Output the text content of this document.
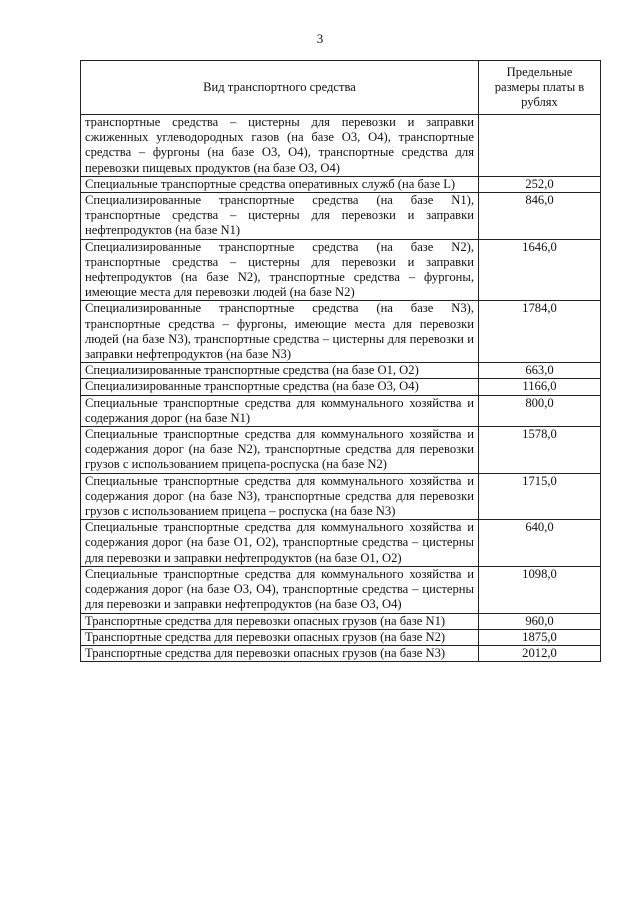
3
Вид транспортного средства	Предельные размеры платы в рублях
транспортные средства – цистерны для перевозки и заправки сжиженных углеводородных газов (на базе O3, O4), транспортные средства – фургоны (на базе O3, O4), транспортные средства для перевозки пищевых продуктов (на базе O3, O4)	
Специальные транспортные средства оперативных служб (на базе L)	252,0
Специализированные транспортные средства (на базе N1), транспортные средства – цистерны для перевозки и заправки нефтепродуктов (на базе N1)	846,0
Специализированные транспортные средства (на базе N2), транспортные средства – цистерны для перевозки и заправки нефтепродуктов (на базе N2), транспортные средства – фургоны, имеющие места для перевозки людей (на базе N2)	1646,0
Специализированные транспортные средства (на базе N3), транспортные средства – фургоны, имеющие места для перевозки людей (на базе N3), транспортные средства – цистерны для перевозки и заправки нефтепродуктов (на базе N3)	1784,0
Специализированные транспортные средства (на базе O1, O2)	663,0
Специализированные транспортные средства (на базе O3, O4)	1166,0
Специальные транспортные средства для коммунального хозяйства и содержания дорог (на базе N1)	800,0
Специальные транспортные средства для коммунального хозяйства и содержания дорог (на базе N2), транспортные средства для перевозки грузов с использованием прицепа-роспуска (на базе N2)	1578,0
Специальные транспортные средства для коммунального хозяйства и содержания дорог (на базе N3), транспортные средства для перевозки грузов с использованием прицепа – роспуска (на базе N3)	1715,0
Специальные транспортные средства для коммунального хозяйства и содержания дорог (на базе O1, O2), транспортные средства – цистерны для перевозки и заправки нефтепродуктов (на базе O1, O2)	640,0
Специальные транспортные средства для коммунального хозяйства и содержания дорог (на базе O3, O4), транспортные средства – цистерны для перевозки и заправки нефтепродуктов (на базе O3, O4)	1098,0
Транспортные средства для перевозки опасных грузов (на базе N1)	960,0
Транспортные средства для перевозки опасных грузов (на базе N2)	1875,0
Транспортные средства для перевозки опасных грузов (на базе N3)	2012,0
